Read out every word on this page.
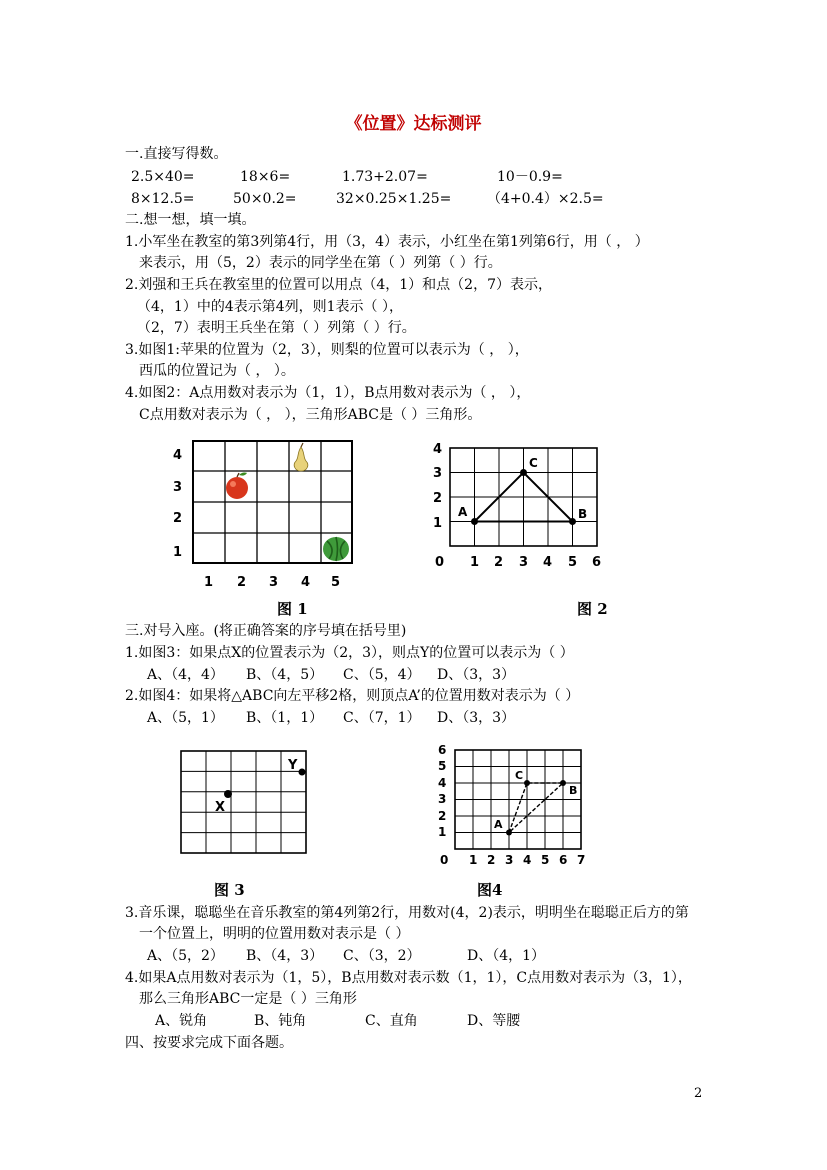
《位置》达标测评
一.直接写得数。
2.5×40=	18×6=	1.73+2.07=	10－0.9=
8×12.5=	50×0.2=	32×0.25×1.25=	（4+0.4）×2.5=
二.想一想，填一填。
1.小军坐在教室的第3列第4行，用（3，4）表示，小红坐在第1列第6行，用（ ， ）
来表示，用（5，2）表示的同学坐在第（ ）列第（ ）行。
2.刘强和王兵在教室里的位置可以用点（4，1）和点（2，7）表示，
（4，1）中的4表示第4列，则1表示（ ），
（2，7）表明王兵坐在第（ ）列第（ ）行。
3.如图1:苹果的位置为（2，3），则梨的位置可以表示为（ ， ），
西瓜的位置记为（ ， ）。
4.如图2：A点用数对表示为（1，1），B点用数对表示为（ ， ），
C点用数对表示为（ ， ），三角形ABC是（ ）三角形。
4
3
2
1
1 2 3 4 5
A	B
C
4
3
2
1
0 1 2 3 4 5 6
图 1	图 2
三.对号入座。(将正确答案的序号填在括号里)
1.如图3：如果点X的位置表示为（2，3），则点Y的位置可以表示为（ ）
A、（4，4） B、（4，5） C、（5，4） D、（3，3）
2.如图4：如果将△ABC向左平移2格，则顶点A’的位置用数对表示为（ ）
A、（5，1） B、（1，1） C、（7，1） D、（3，3）
X
Y
A
B
C
6
5
4
3
2
1
0 1 2 3 4 5 6 7
图 3	图4
3.音乐课，聪聪坐在音乐教室的第4列第2行，用数对(4，2)表示，明明坐在聪聪正后方的第
一个位置上，明明的位置用数对表示是（ ）
A、（5，2） B、（4，3） C、（3，2）	D、（4，1）
4.如果A点用数对表示为（1，5），B点用数对表示数（1，1），C点用数对表示为（3，1），
那么三角形ABC一定是（ ）三角形
A、锐角	B、钝角	C、直角	D、等腰
四、按要求完成下面各题。
2
